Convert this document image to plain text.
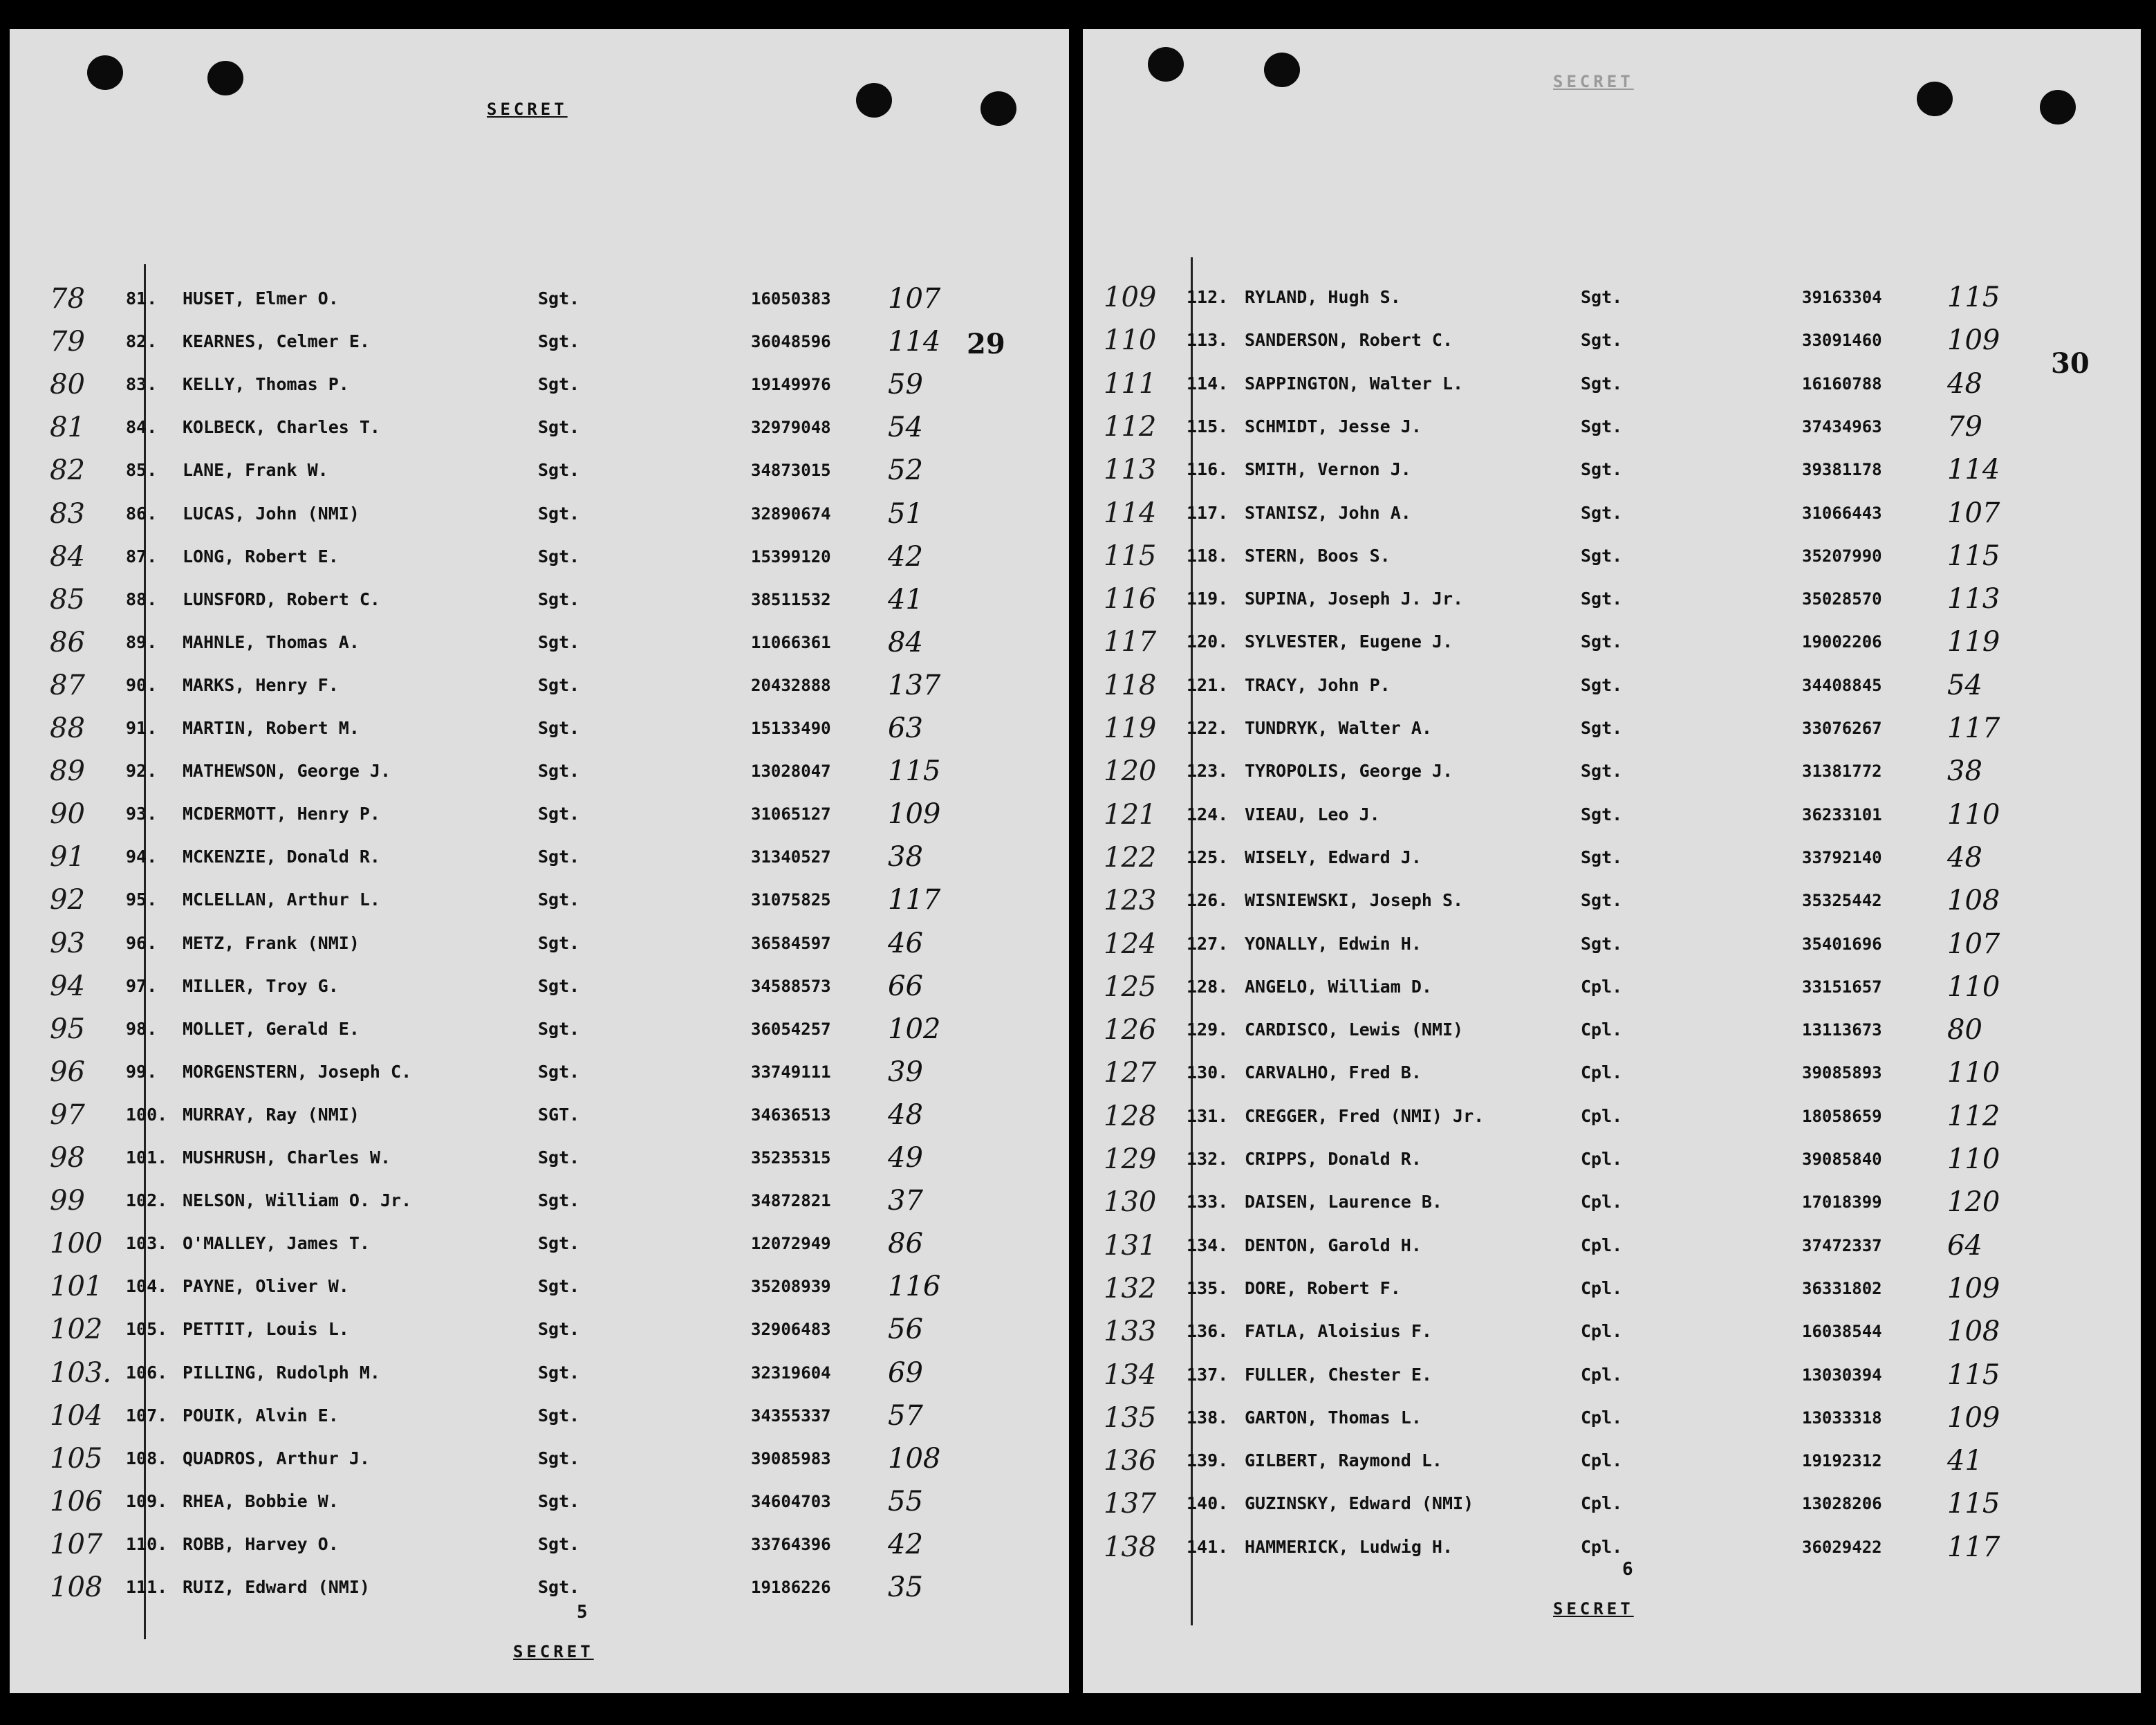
SECRET
29
78 81. HUSET, Elmer O.	Sgt.	16050383 107
79 82. KEARNES, Celmer E.	Sgt.	36048596 114
80 83. KELLY, Thomas P.	Sgt.	19149976 59
81 84. KOLBECK, Charles T.	Sgt.	32979048 54
82 85. LANE, Frank W.	Sgt.	34873015 52
83 86. LUCAS, John (NMI)	Sgt.	32890674 51
84 87. LONG, Robert E.	Sgt.	15399120 42
85 88. LUNSFORD, Robert C.	Sgt.	38511532 41
86 89. MAHNLE, Thomas A.	Sgt.	11066361 84
87 90. MARKS, Henry F.	Sgt.	20432888 137
88 91. MARTIN, Robert M.	Sgt.	15133490 63
89 92. MATHEWSON, George J.	Sgt.	13028047 115
90 93. MCDERMOTT, Henry P.	Sgt.	31065127 109
91 94. MCKENZIE, Donald R.	Sgt.	31340527 38
92 95. MCLELLAN, Arthur L.	Sgt.	31075825 117
93 96. METZ, Frank (NMI)	Sgt.	36584597 46
94 97. MILLER, Troy G.	Sgt.	34588573 66
95 98. MOLLET, Gerald E.	Sgt.	36054257 102
96 99. MORGENSTERN, Joseph C.	Sgt.	33749111 39
97 100. MURRAY, Ray (NMI)	SGT.	34636513 48
98 101. MUSHRUSH, Charles W.	Sgt.	35235315 49
99 102. NELSON, William O. Jr.	Sgt.	34872821 37
100 103. O'MALLEY, James T.	Sgt.	12072949 86
101 104. PAYNE, Oliver W.	Sgt.	35208939 116
102 105. PETTIT, Louis L.	Sgt.	32906483 56
103. 106. PILLING, Rudolph M.	Sgt.	32319604 69
104 107. POUIK, Alvin E.	Sgt.	34355337 57
105 108. QUADROS, Arthur J.	Sgt.	39085983 108
106 109. RHEA, Bobbie W.	Sgt.	34604703 55
107 110. ROBB, Harvey O.	Sgt.	33764396 42
108 111. RUIZ, Edward (NMI)	Sgt.	19186226 35
5
SECRET
SECRET
30
109 112. RYLAND, Hugh S.	Sgt.	39163304 115
110 113. SANDERSON, Robert C.	Sgt.	33091460 109
111 114. SAPPINGTON, Walter L.	Sgt.	16160788 48
112 115. SCHMIDT, Jesse J.	Sgt.	37434963 79
113 116. SMITH, Vernon J.	Sgt.	39381178 114
114 117. STANISZ, John A.	Sgt.	31066443 107
115 118. STERN, Boos S.	Sgt.	35207990 115
116 119. SUPINA, Joseph J. Jr.	Sgt.	35028570 113
117 120. SYLVESTER, Eugene J.	Sgt.	19002206 119
118 121. TRACY, John P.	Sgt.	34408845 54
119 122. TUNDRYK, Walter A.	Sgt.	33076267 117
120 123. TYROPOLIS, George J.	Sgt.	31381772 38
121 124. VIEAU, Leo J.	Sgt.	36233101 110
122 125. WISELY, Edward J.	Sgt.	33792140 48
123 126. WISNIEWSKI, Joseph S.	Sgt.	35325442 108
124 127. YONALLY, Edwin H.	Sgt.	35401696 107
125 128. ANGELO, William D.	Cpl.	33151657 110
126 129. CARDISCO, Lewis (NMI)	Cpl.	13113673 80
127 130. CARVALHO, Fred B.	Cpl.	39085893 110
128 131. CREGGER, Fred (NMI) Jr.	Cpl.	18058659 112
129 132. CRIPPS, Donald R.	Cpl.	39085840 110
130 133. DAISEN, Laurence B.	Cpl.	17018399 120
131 134. DENTON, Garold H.	Cpl.	37472337 64
132 135. DORE, Robert F.	Cpl.	36331802 109
133 136. FATLA, Aloisius F.	Cpl.	16038544 108
134 137. FULLER, Chester E.	Cpl.	13030394 115
135 138. GARTON, Thomas L.	Cpl.	13033318 109
136 139. GILBERT, Raymond L.	Cpl.	19192312 41
137 140. GUZINSKY, Edward (NMI)	Cpl.	13028206 115
138 141. HAMMERICK, Ludwig H.	Cpl.	36029422 117
6
SECRET
